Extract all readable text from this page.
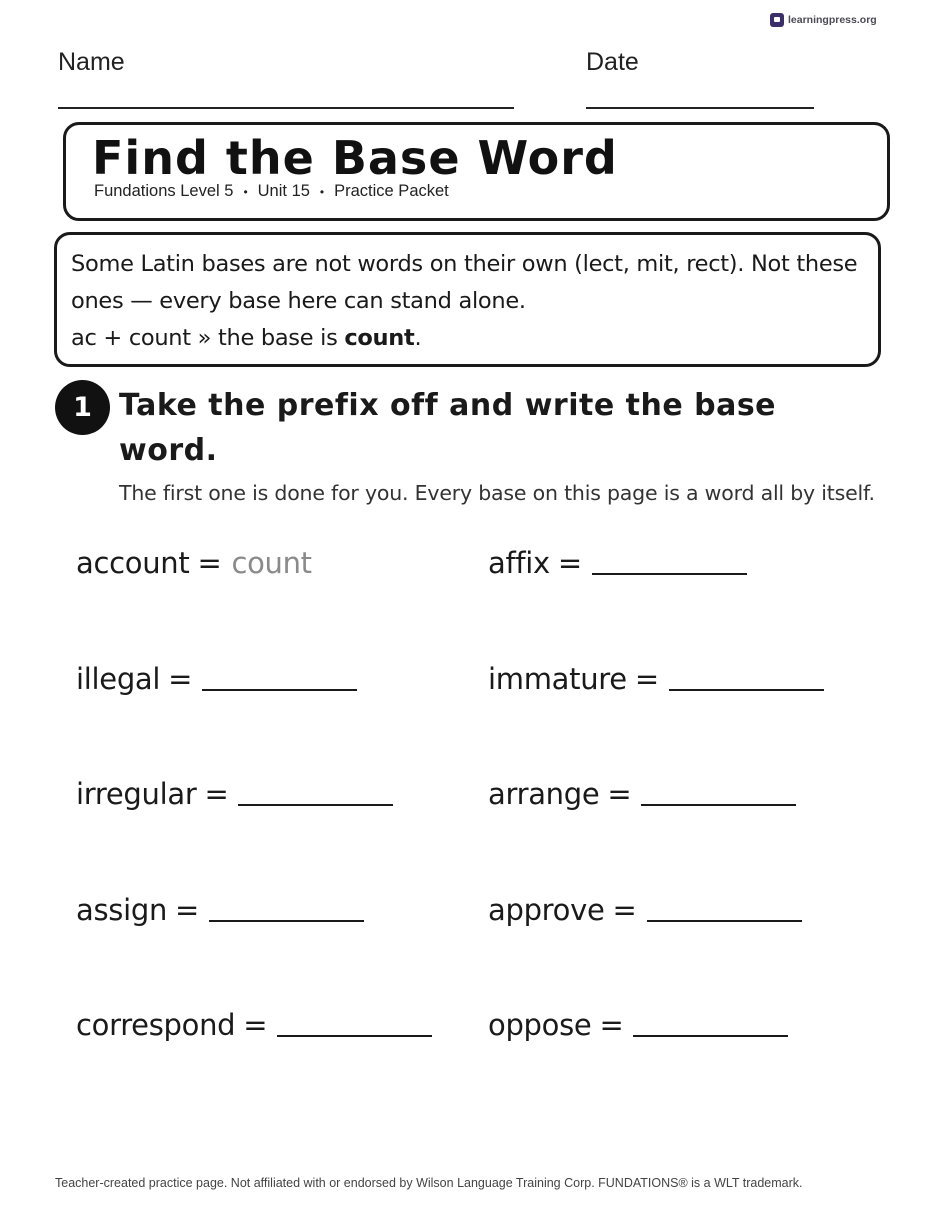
learningpress.org
Name	Date
Find the Base Word
Fundations Level 5 • Unit 15 • Practice Packet
Some Latin bases are not words on their own (lect, mit, rect). Not these ones — every base here can stand alone.
ac + count » the base is count.
1 Take the prefix off and write the base word.
The first one is done for you. Every base on this page is a word all by itself.
account = count	affix =
illegal =	immature =
irregular =	arrange =
assign =	approve =
correspond =	oppose =
Teacher-created practice page. Not affiliated with or endorsed by Wilson Language Training Corp. FUNDATIONS® is a WLT trademark.
